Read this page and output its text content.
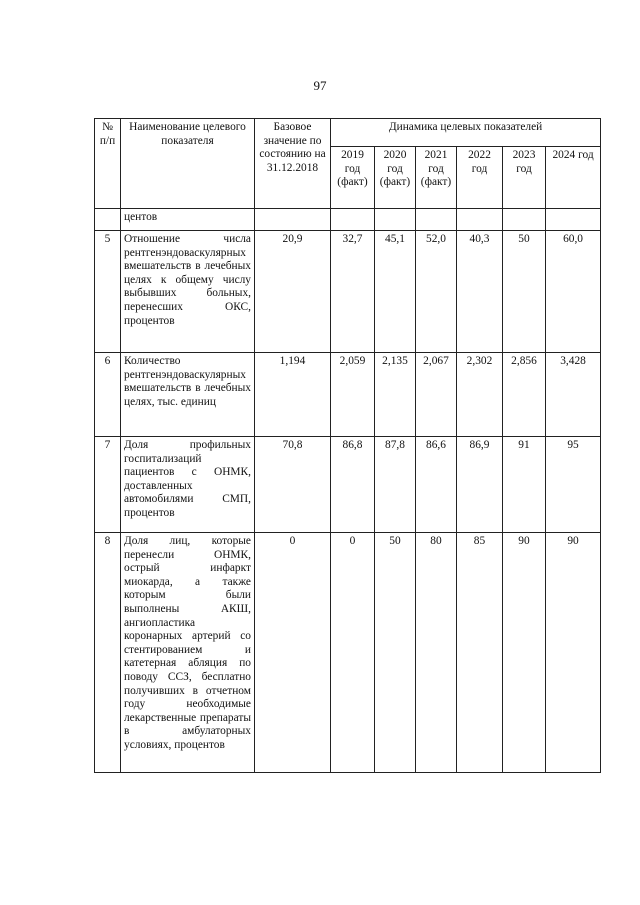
97
№ п/п	Наименование целевого показателя	Базовое значение по состоянию на 31.12.2018	Динамика целевых показателей					
			2019 год (факт)	2020 год (факт)	2021 год (факт)	2022 год	2023 год	2024 год
	центов							
5	Отношение числа рентгенэндоваскулярных вмешательств в лечебных целях к общему числу выбывших больных, перенесших ОКС, процентов	20,9	32,7	45,1	52,0	40,3	50	60,0
6	Количество рентгенэндоваскулярных вмешательств в лечебных целях, тыс. единиц	1,194	2,059	2,135	2,067	2,302	2,856	3,428
7	Доля профильных госпитализаций пациентов с ОНМК, доставленных автомобилями СМП, процентов	70,8	86,8	87,8	86,6	86,9	91	95
8	Доля лиц, которые перенесли ОНМК, острый инфаркт миокарда, а также которым были выполнены АКШ, ангиопластика коронарных артерий со стентированием и катетерная абляция по поводу ССЗ, бесплатно получивших в отчетном году необходимые лекарственные препараты в амбулаторных условиях, процентов	0	0	50	80	85	90	90
